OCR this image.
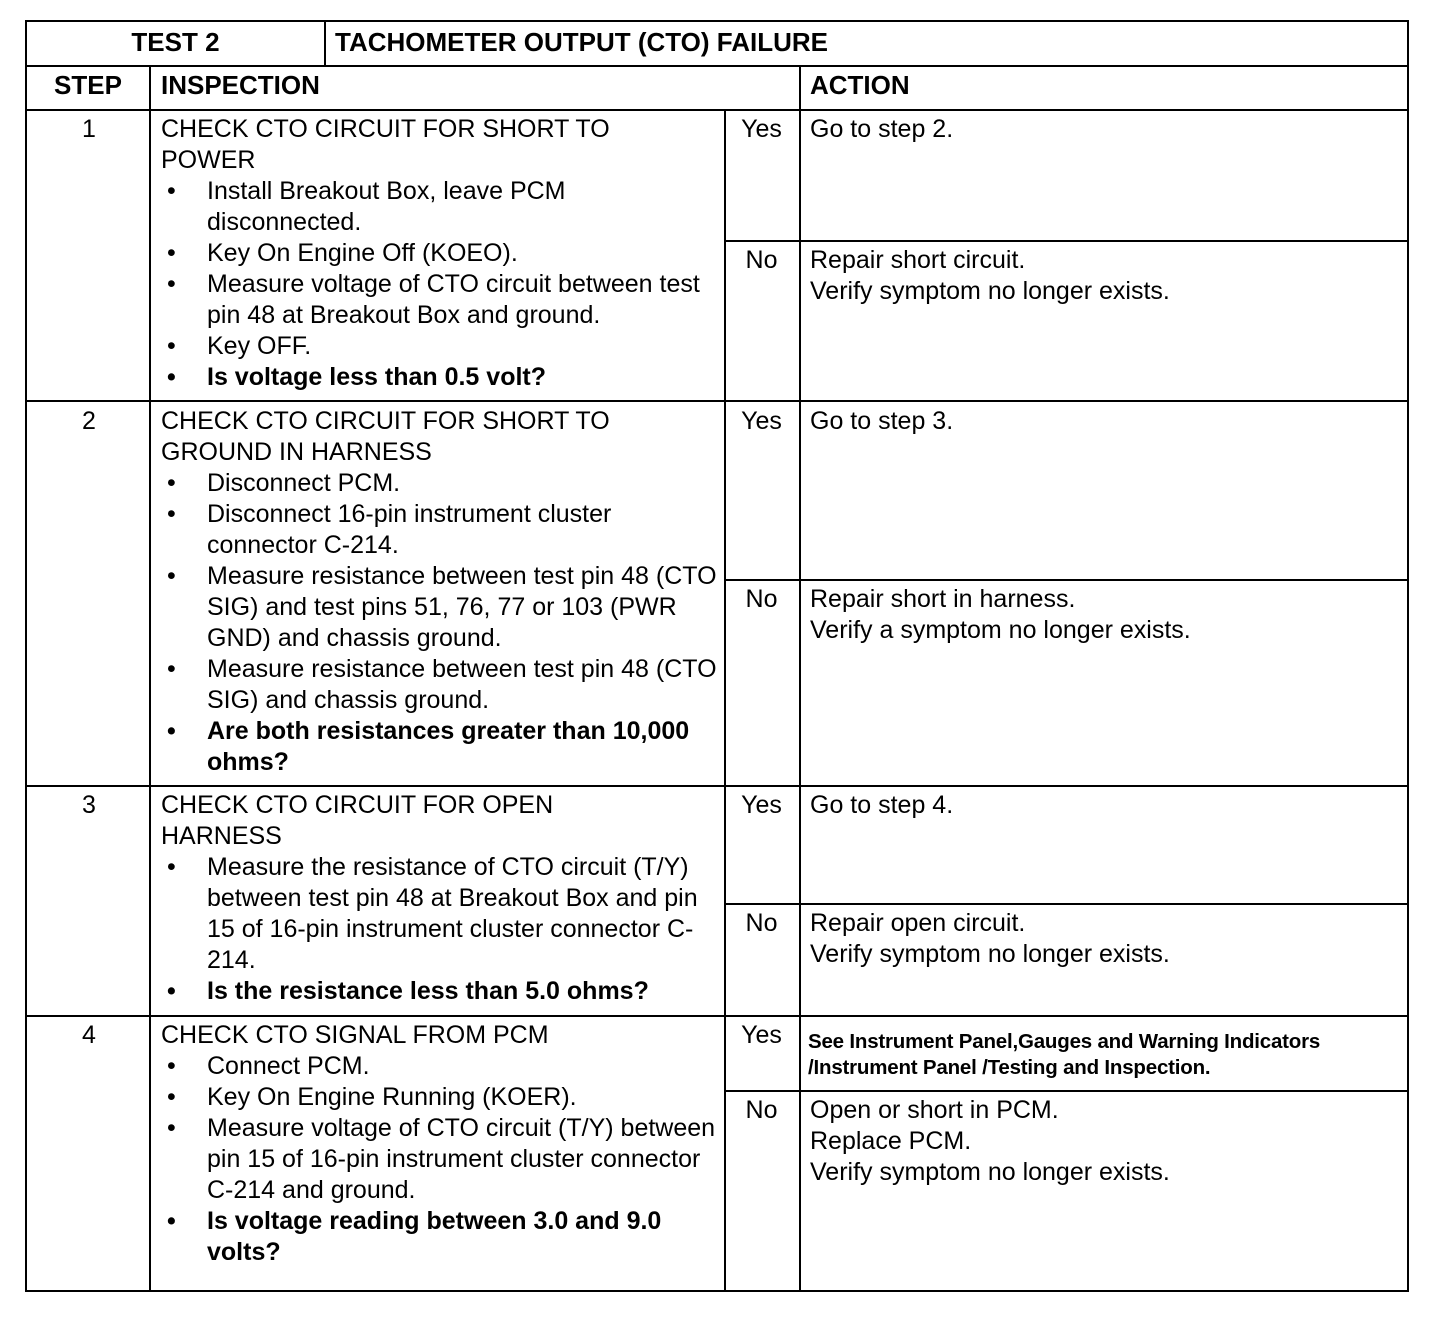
TEST 2	TACHOMETER OUTPUT (CTO) FAILURE
STEP	INSPECTION	ACTION
1	CHECK CTO CIRCUIT FOR SHORT TO
POWER
• Install Breakout Box, leave PCM disconnected.
• Key On Engine Off (KOEO).
• Measure voltage of CTO circuit between test pin 48 at Breakout Box and ground.
• Key OFF.
• Is voltage less than 0.5 volt?
Yes	Go to step 2.
No	Repair short circuit.
Verify symptom no longer exists.
2	CHECK CTO CIRCUIT FOR SHORT TO
GROUND IN HARNESS
• Disconnect PCM.
• Disconnect 16-pin instrument cluster connector C-214.
• Measure resistance between test pin 48 (CTO SIG) and test pins 51, 76, 77 or 103 (PWR GND) and chassis ground.
• Measure resistance between test pin 48 (CTO SIG) and chassis ground.
• Are both resistances greater than 10,000 ohms?
Yes	Go to step 3.
No	Repair short in harness.
Verify a symptom no longer exists.
3	CHECK CTO CIRCUIT FOR OPEN
HARNESS
• Measure the resistance of CTO circuit (T/Y) between test pin 48 at Breakout Box and pin 15 of 16-pin instrument cluster connector C-214.
• Is the resistance less than 5.0 ohms?
Yes	Go to step 4.
No	Repair open circuit.
Verify symptom no longer exists.
4	CHECK CTO SIGNAL FROM PCM
• Connect PCM.
• Key On Engine Running (KOER).
• Measure voltage of CTO circuit (T/Y) between pin 15 of 16-pin instrument cluster connector C-214 and ground.
• Is voltage reading between 3.0 and 9.0 volts?
Yes	See Instrument Panel,Gauges and Warning Indicators
/Instrument Panel /Testing and Inspection.
No	Open or short in PCM.
Replace PCM.
Verify symptom no longer exists.
